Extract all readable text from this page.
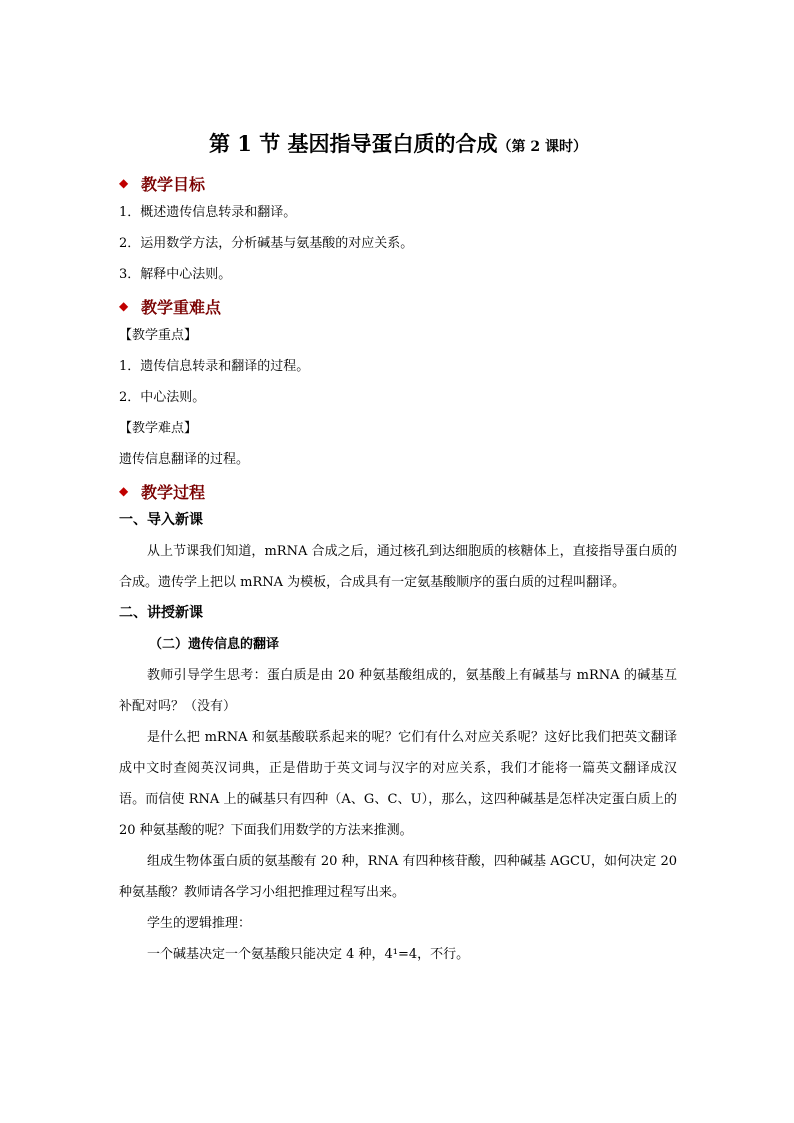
第 1 节 基因指导蛋白质的合成（第 2 课时）
◆ 教学目标
1．概述遗传信息转录和翻译。
2．运用数学方法，分析碱基与氨基酸的对应关系。
3．解释中心法则。
◆ 教学重难点
【教学重点】
1．遗传信息转录和翻译的过程。
2．中心法则。
【教学难点】
遗传信息翻译的过程。
◆ 教学过程
一、导入新课

从上节课我们知道，mRNA 合成之后，通过核孔到达细胞质的核糖体上，直接指导蛋白质的合成。遗传学上把以 mRNA 为模板，合成具有一定氨基酸顺序的蛋白质的过程叫翻译。

二、讲授新课
（二）遗传信息的翻译

教师引导学生思考：蛋白质是由 20 种氨基酸组成的，氨基酸上有碱基与 mRNA 的碱基互补配对吗？（没有）

是什么把 mRNA 和氨基酸联系起来的呢？它们有什么对应关系呢？这好比我们把英文翻译成中文时查阅英汉词典，正是借助于英文词与汉字的对应关系，我们才能将一篇英文翻译成汉语。而信使 RNA 上的碱基只有四种（A、G、C、U），那么，这四种碱基是怎样决定蛋白质上的 20 种氨基酸的呢？下面我们用数学的方法来推测。

组成生物体蛋白质的氨基酸有 20 种，RNA 有四种核苷酸，四种碱基 AGCU，如何决定 20 种氨基酸？教师请各学习小组把推理过程写出来。

学生的逻辑推理：

一个碱基决定一个氨基酸只能决定 4 种，4¹=4，不行。
